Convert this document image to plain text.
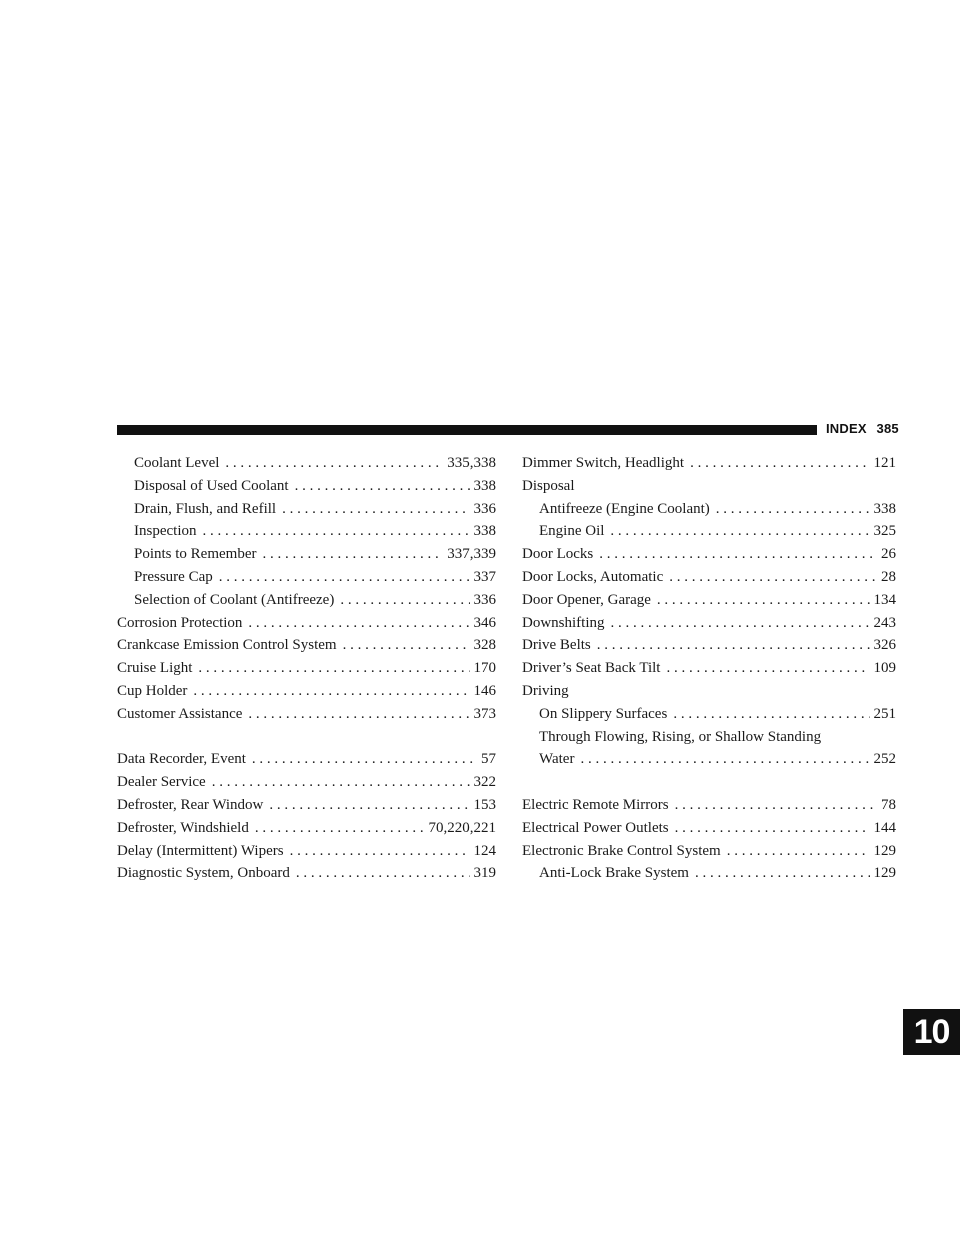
INDEX 385
Coolant Level . . .	335,338
Disposal of Used Coolant . . .	338
Drain, Flush, and Refill . . .	336
Inspection . . .	338
Points to Remember . . .	337,339
Pressure Cap . . .	337
Selection of Coolant (Antifreeze) . . .	336
Corrosion Protection . . .	346
Crankcase Emission Control System . . .	328
Cruise Light . . .	170
Cup Holder . . .	146
Customer Assistance . . .	373
Data Recorder, Event . . .	57
Dealer Service . . .	322
Defroster, Rear Window . . .	153
Defroster, Windshield . . .	70,220,221
Delay (Intermittent) Wipers . . .	124
Diagnostic System, Onboard . . .	319
Dimmer Switch, Headlight . . .	121
Disposal
Antifreeze (Engine Coolant) . . .	338
Engine Oil . . .	325
Door Locks . . .	26
Door Locks, Automatic . . .	28
Door Opener, Garage . . .	134
Downshifting . . .	243
Drive Belts . . .	326
Driver’s Seat Back Tilt . . .	109
Driving
On Slippery Surfaces . . .	251
Through Flowing, Rising, or Shallow Standing
Water . . .	252
Electric Remote Mirrors . . .	78
Electrical Power Outlets . . .	144
Electronic Brake Control System . . .	129
Anti-Lock Brake System . . .	129
10
